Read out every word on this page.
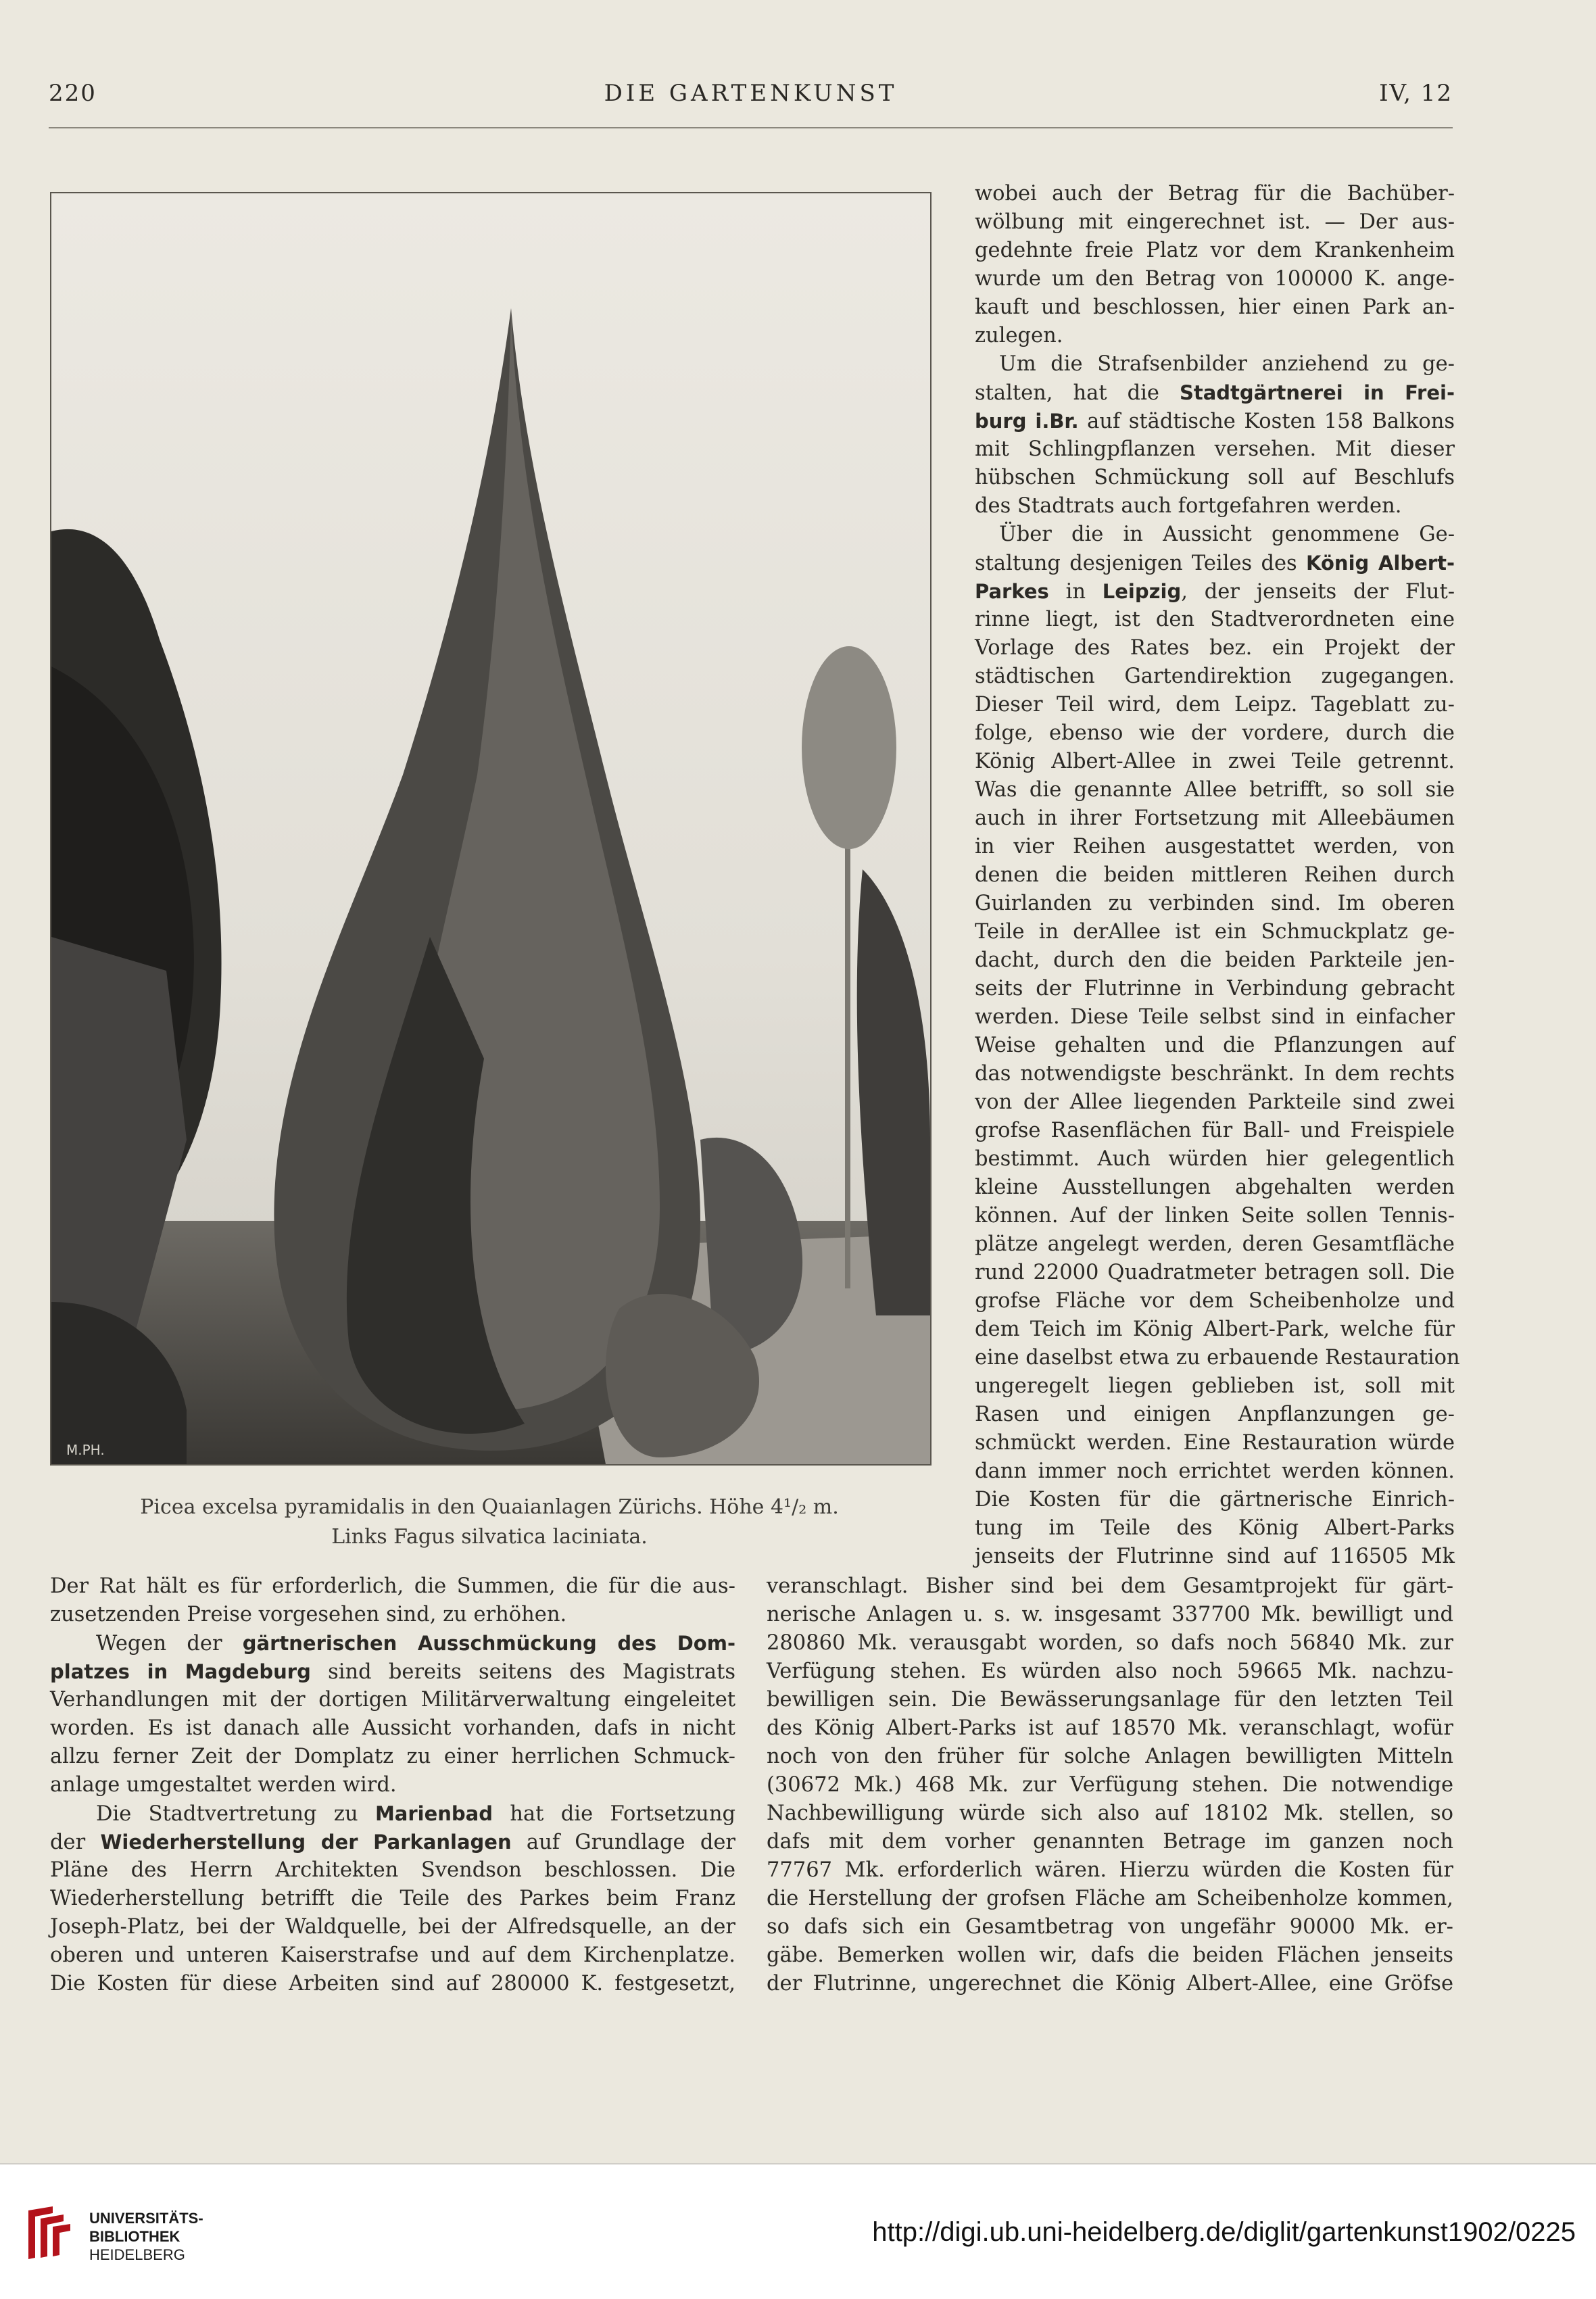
220	DIE GARTENKUNST	IV, 12
M.PH.
Picea excelsa pyramidalis in den Quaianlagen Zürichs. Höhe 4¹/₂ m.
Links Fagus silvatica laciniata.
wobei auch der Betrag für die Bachüber-
wölbung mit eingerechnet ist. — Der aus-
gedehnte freie Platz vor dem Krankenheim
wurde um den Betrag von 100000 K. ange-
kauft und beschlossen, hier einen Park an-
zulegen.
Um die Strafsenbilder anziehend zu ge-
stalten, hat die Stadtgärtnerei in Frei-
burg i.Br. auf städtische Kosten 158 Balkons
mit Schlingpflanzen versehen. Mit dieser
hübschen Schmückung soll auf Beschlufs
des Stadtrats auch fortgefahren werden.
Über die in Aussicht genommene Ge-
staltung desjenigen Teiles des König Albert-
Parkes in Leipzig, der jenseits der Flut-
rinne liegt, ist den Stadtverordneten eine
Vorlage des Rates bez. ein Projekt der
städtischen Gartendirektion zugegangen.
Dieser Teil wird, dem Leipz. Tageblatt zu-
folge, ebenso wie der vordere, durch die
König Albert-Allee in zwei Teile getrennt.
Was die genannte Allee betrifft, so soll sie
auch in ihrer Fortsetzung mit Alleebäumen
in vier Reihen ausgestattet werden, von
denen die beiden mittleren Reihen durch
Guirlanden zu verbinden sind. Im oberen
Teile in derAllee ist ein Schmuckplatz ge-
dacht, durch den die beiden Parkteile jen-
seits der Flutrinne in Verbindung gebracht
werden. Diese Teile selbst sind in einfacher
Weise gehalten und die Pflanzungen auf
das notwendigste beschränkt. In dem rechts
von der Allee liegenden Parkteile sind zwei
grofse Rasenflächen für Ball- und Freispiele
bestimmt. Auch würden hier gelegentlich
kleine Ausstellungen abgehalten werden
können. Auf der linken Seite sollen Tennis-
plätze angelegt werden, deren Gesamtfläche
rund 22000 Quadratmeter betragen soll. Die
grofse Fläche vor dem Scheibenholze und
dem Teich im König Albert-Park, welche für
eine daselbst etwa zu erbauende Restauration
ungeregelt liegen geblieben ist, soll mit
Rasen und einigen Anpflanzungen ge-
schmückt werden. Eine Restauration würde
dann immer noch errichtet werden können.
Die Kosten für die gärtnerische Einrich-
tung im Teile des König Albert-Parks
jenseits der Flutrinne sind auf 116505 Mk
Der Rat hält es für erforderlich, die Summen, die für die aus-
zusetzenden Preise vorgesehen sind, zu erhöhen.
Wegen der gärtnerischen Ausschmückung des Dom-
platzes in Magdeburg sind bereits seitens des Magistrats
Verhandlungen mit der dortigen Militärverwaltung eingeleitet
worden. Es ist danach alle Aussicht vorhanden, dafs in nicht
allzu ferner Zeit der Domplatz zu einer herrlichen Schmuck-
anlage umgestaltet werden wird.
Die Stadtvertretung zu Marienbad hat die Fortsetzung
der Wiederherstellung der Parkanlagen auf Grundlage der
Pläne des Herrn Architekten Svendson beschlossen. Die
Wiederherstellung betrifft die Teile des Parkes beim Franz
Joseph-Platz, bei der Waldquelle, bei der Alfredsquelle, an der
oberen und unteren Kaiserstrafse und auf dem Kirchenplatze.
Die Kosten für diese Arbeiten sind auf 280000 K. festgesetzt,
veranschlagt. Bisher sind bei dem Gesamtprojekt für gärt-
nerische Anlagen u. s. w. insgesamt 337700 Mk. bewilligt und
280860 Mk. verausgabt worden, so dafs noch 56840 Mk. zur
Verfügung stehen. Es würden also noch 59665 Mk. nachzu-
bewilligen sein. Die Bewässerungsanlage für den letzten Teil
des König Albert-Parks ist auf 18570 Mk. veranschlagt, wofür
noch von den früher für solche Anlagen bewilligten Mitteln
(30672 Mk.) 468 Mk. zur Verfügung stehen. Die notwendige
Nachbewilligung würde sich also auf 18102 Mk. stellen, so
dafs mit dem vorher genannten Betrage im ganzen noch
77767 Mk. erforderlich wären. Hierzu würden die Kosten für
die Herstellung der grofsen Fläche am Scheibenholze kommen,
so dafs sich ein Gesamtbetrag von ungefähr 90000 Mk. er-
gäbe. Bemerken wollen wir, dafs die beiden Flächen jenseits
der Flutrinne, ungerechnet die König Albert-Allee, eine Gröfse
UNIVERSITÄTS-
BIBLIOTHEK
HEIDELBERG
http://digi.ub.uni-heidelberg.de/diglit/gartenkunst1902/0225
